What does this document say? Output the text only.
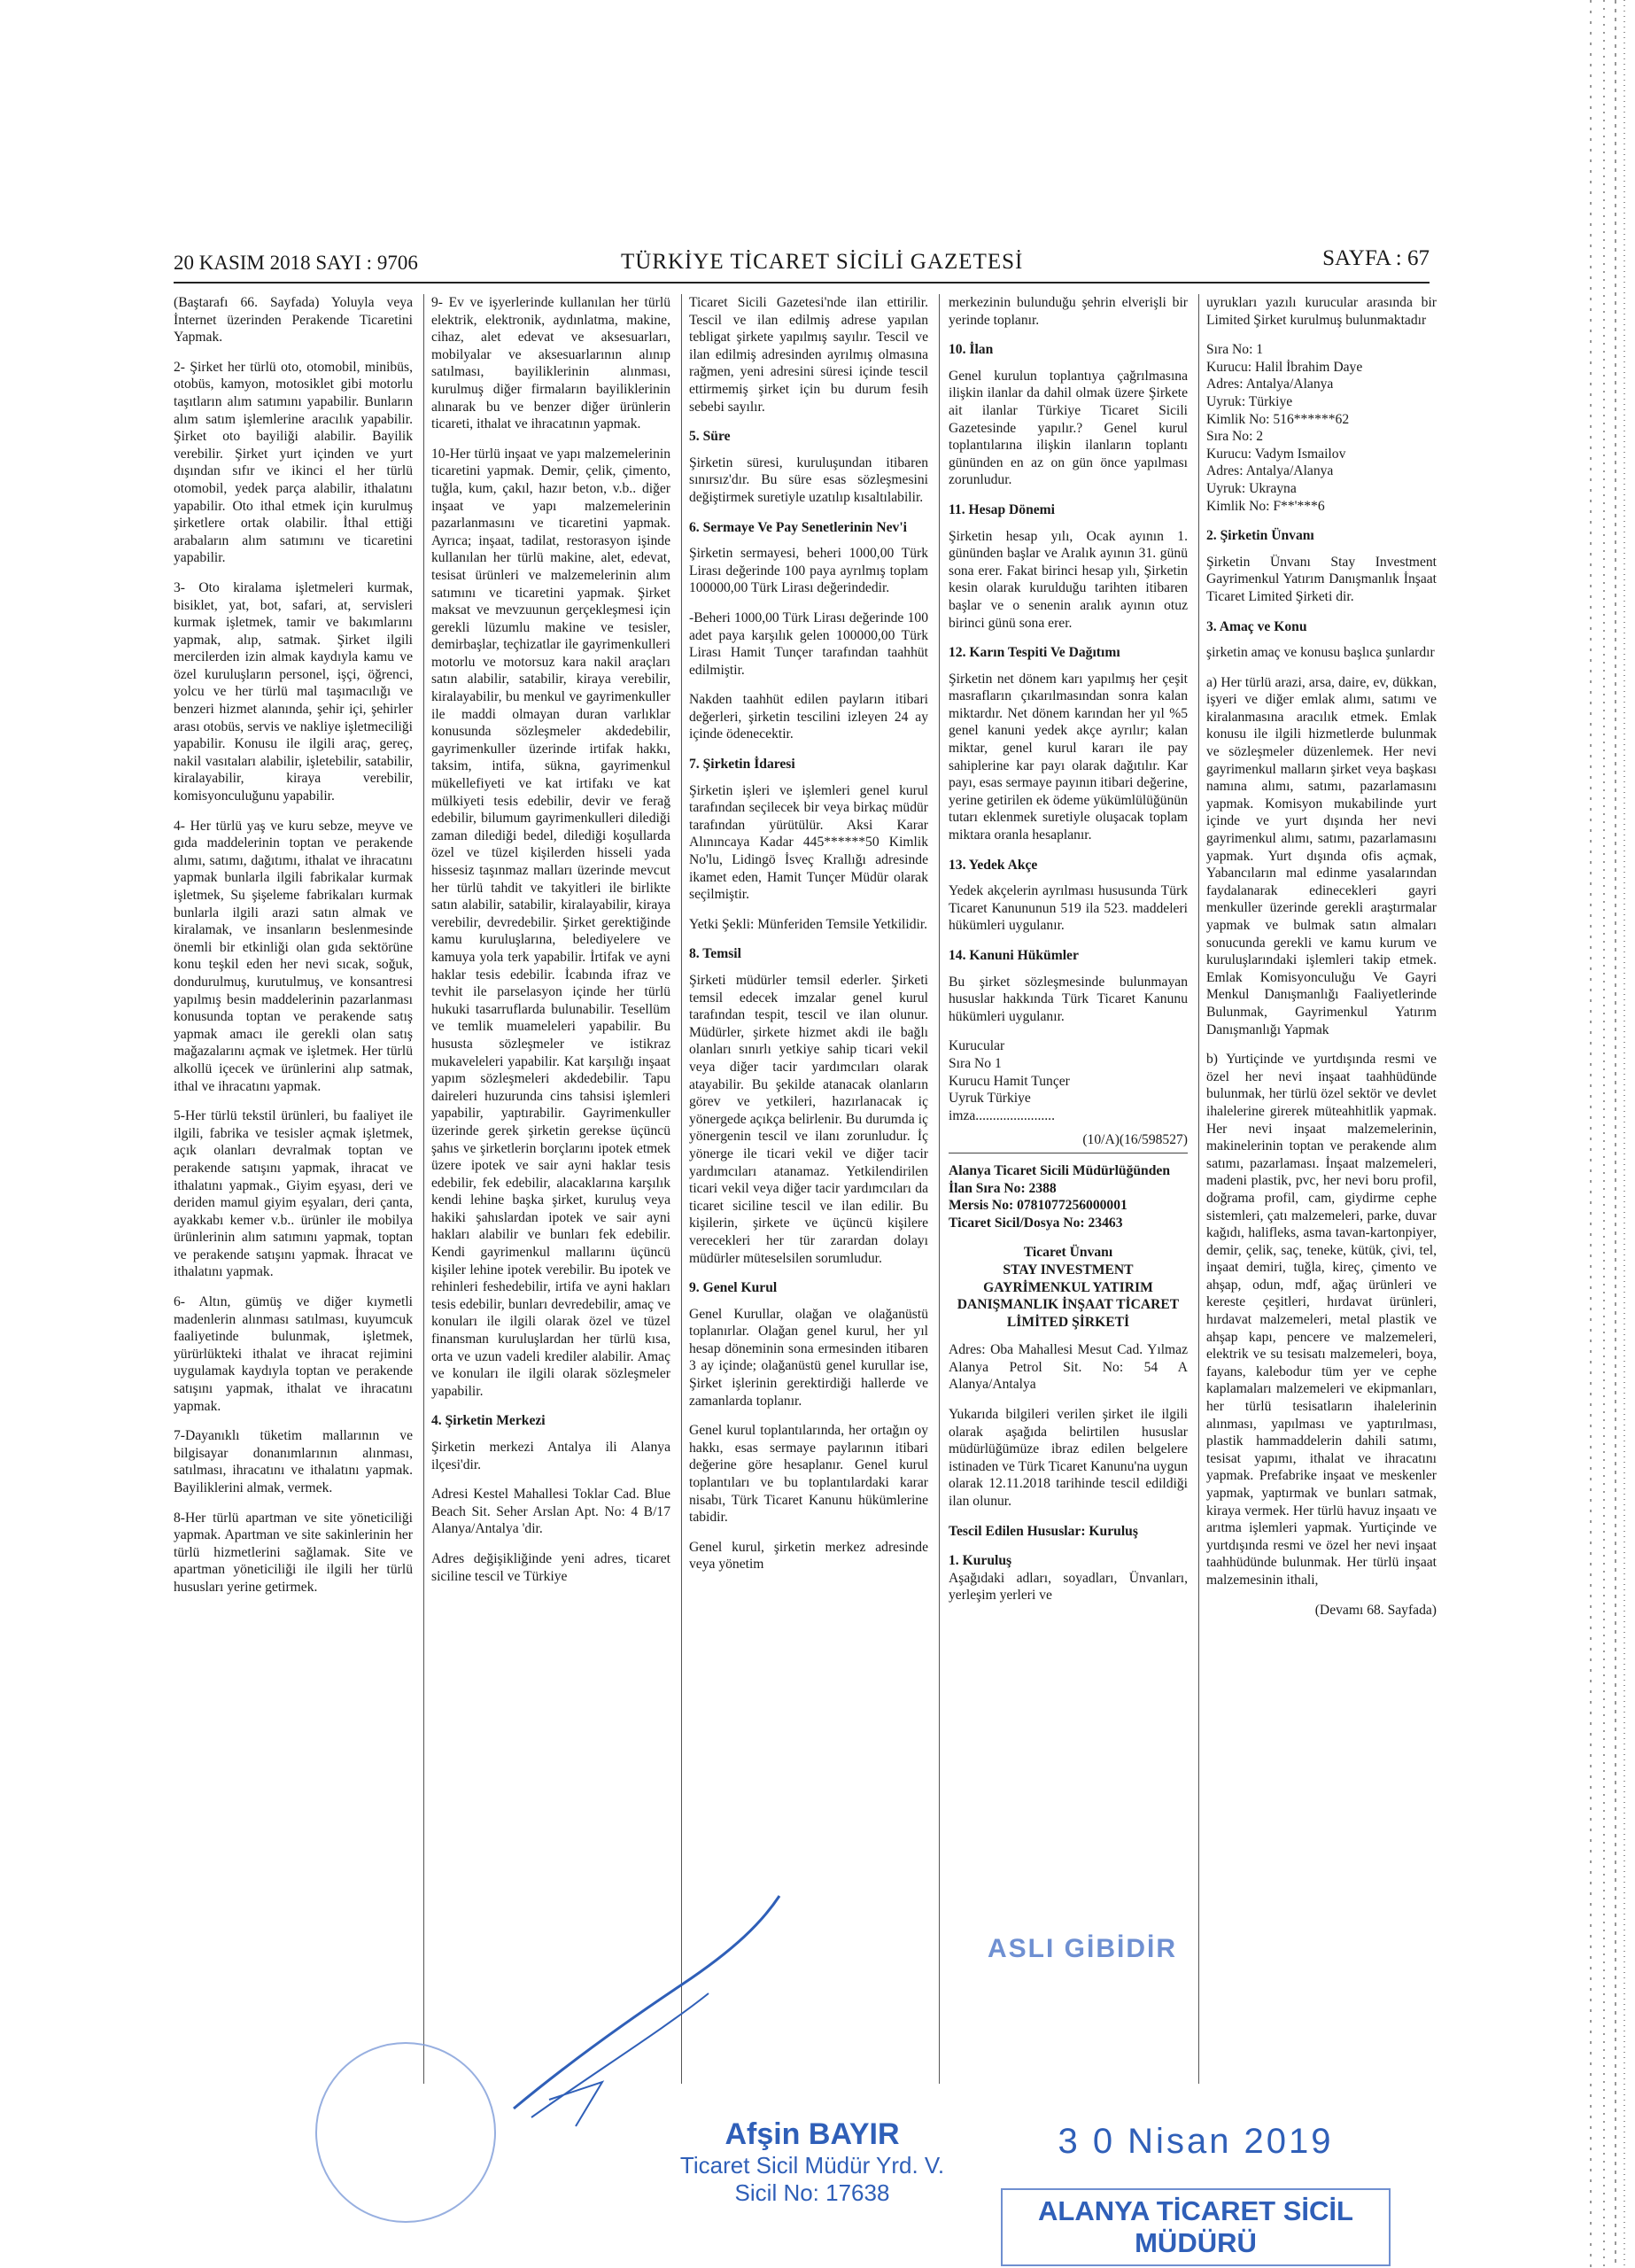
20 KASIM 2018 SAYI : 9706	TÜRKİYE TİCARET SİCİLİ GAZETESİ	SAYFA : 67

(Baştarafı 66. Sayfada) Yoluyla veya İnternet üzerinden Perakende Ticaretini Yapmak.

2- Şirket her türlü oto, otomobil, minibüs, otobüs, kamyon, motosiklet gibi motorlu taşıtların alım satımını yapabilir. Bunların alım satım işlemlerine aracılık yapabilir. Şirket oto bayiliği alabilir. Bayilik verebilir. Şirket yurt içinden ve yurt dışından sıfır ve ikinci el her türlü otomobil, yedek parça alabilir, ithalatını yapabilir. Oto ithal etmek için kurulmuş şirketlere ortak olabilir. İthal ettiği arabaların alım satımını ve ticaretini yapabilir.

3- Oto kiralama işletmeleri kurmak, bisiklet, yat, bot, safari, at, servisleri kurmak işletmek, tamir ve bakımlarını yapmak, alıp, satmak. Şirket ilgili mercilerden izin almak kaydıyla kamu ve özel kuruluşların personel, işçi, öğrenci, yolcu ve her türlü mal taşımacılığı ve benzeri hizmet alanında, şehir içi, şehirler arası otobüs, servis ve nakliye işletmeciliği yapabilir. Konusu ile ilgili araç, gereç, nakil vasıtaları alabilir, işletebilir, satabilir, kiralayabilir, kiraya verebilir, komisyonculuğunu yapabilir.

4- Her türlü yaş ve kuru sebze, meyve ve gıda maddelerinin toptan ve perakende alımı, satımı, dağıtımı, ithalat ve ihracatını yapmak bunlarla ilgili fabrikalar kurmak işletmek, Su şişeleme fabrikaları kurmak bunlarla ilgili arazi satın almak ve kiralamak, ve insanların beslenmesinde önemli bir etkinliği olan gıda sektörüne konu teşkil eden her nevi sıcak, soğuk, dondurulmuş, kurutulmuş, ve konsantresi yapılmış besin maddelerinin pazarlanması konusunda toptan ve perakende satış yapmak amacı ile gerekli olan satış mağazalarını açmak ve işletmek. Her türlü alkollü içecek ve ürünlerini alıp satmak, ithal ve ihracatını yapmak.

5-Her türlü tekstil ürünleri, bu faaliyet ile ilgili, fabrika ve tesisler açmak işletmek, açık olanları devralmak toptan ve perakende satışını yapmak, ihracat ve ithalatını yapmak., Giyim eşyası, deri ve deriden mamul giyim eşyaları, deri çanta, ayakkabı kemer v.b.. ürünler ile mobilya ürünlerinin alım satımını yapmak, toptan ve perakende satışını yapmak. İhracat ve ithalatını yapmak.

6- Altın, gümüş ve diğer kıymetli madenlerin alınması satılması, kuyumcuk faaliyetinde bulunmak, işletmek, yürürlükteki ithalat ve ihracat rejimini uygulamak kaydıyla toptan ve perakende satışını yapmak, ithalat ve ihracatını yapmak.

7-Dayanıklı tüketim mallarının ve bilgisayar donanımlarının alınması, satılması, ihracatını ve ithalatını yapmak. Bayiliklerini almak, vermek.

8-Her türlü apartman ve site yöneticiliği yapmak. Apartman ve site sakinlerinin her türlü hizmetlerini sağlamak. Site ve apartman yöneticiliği ile ilgili her türlü hususları yerine getirmek.

9- Ev ve işyerlerinde kullanılan her türlü elektrik, elektronik, aydınlatma, makine, cihaz, alet edevat ve aksesuarları, mobilyalar ve aksesuarlarının alınıp satılması, bayiliklerinin alınması, kurulmuş diğer firmaların bayiliklerinin alınarak bu ve benzer diğer ürünlerin ticareti, ithalat ve ihracatının yapmak.

10-Her türlü inşaat ve yapı malzemelerinin ticaretini yapmak. Demir, çelik, çimento, tuğla, kum, çakıl, hazır beton, v.b.. diğer inşaat ve yapı malzemelerinin pazarlanmasını ve ticaretini yapmak. Ayrıca; inşaat, tadilat, restorasyon işinde kullanılan her türlü makine, alet, edevat, tesisat ürünleri ve malzemelerinin alım satımını ve ticaretini yapmak. Şirket maksat ve mevzuunun gerçekleşmesi için gerekli lüzumlu makine ve tesisler, demirbaşlar, teçhizatlar ile gayrimenkulleri motorlu ve motorsuz kara nakil araçları satın alabilir, satabilir, kiraya verebilir, kiralayabilir, bu menkul ve gayrimenkuller ile maddi olmayan duran varlıklar konusunda sözleşmeler akdedebilir, gayrimenkuller üzerinde irtifak hakkı, taksim, intifa, sükna, gayrimenkul mükellefiyeti ve kat irtifakı ve kat mülkiyeti tesis edebilir, devir ve ferağ edebilir, bilumum gayrimenkulleri dilediği zaman dilediği bedel, dilediği koşullarda özel ve tüzel kişilerden hisseli yada hissesiz taşınmaz malları üzerinde mevcut her türlü tahdit ve takyitleri ile birlikte satın alabilir, satabilir, kiralayabilir, kiraya verebilir, devredebilir. Şirket gerektiğinde kamu kuruluşlarına, belediyelere ve kamuya yola terk yapabilir. İrtifak ve ayni haklar tesis edebilir. İcabında ifraz ve tevhit ile parselasyon içinde her türlü hukuki tasarruflarda bulunabilir. Tesellüm ve temlik muameleleri yapabilir. Bu hususta sözleşmeler ve istikraz mukaveleleri yapabilir. Kat karşılığı inşaat yapım sözleşmeleri akdedebilir. Tapu daireleri huzurunda cins tahsisi işlemleri yapabilir, yaptırabilir. Gayrimenkuller üzerinde gerek şirketin gerekse üçüncü şahıs ve şirketlerin borçlarını ipotek etmek üzere ipotek ve sair ayni haklar tesis edebilir, fek edebilir, alacaklarına karşılık kendi lehine başka şirket, kuruluş veya hakiki şahıslardan ipotek ve sair ayni hakları alabilir ve bunları fek edebilir. Kendi gayrimenkul mallarını üçüncü kişiler lehine ipotek verebilir. Bu ipotek ve rehinleri feshedebilir, irtifa ve ayni hakları tesis edebilir, bunları devredebilir, amaç ve konuları ile ilgili olarak özel ve tüzel finansman kuruluşlardan her türlü kısa, orta ve uzun vadeli krediler alabilir. Amaç ve konuları ile ilgili olarak sözleşmeler yapabilir.

4. Şirketin Merkezi

Şirketin merkezi Antalya ili Alanya ilçesi'dir.

Adresi Kestel Mahallesi Toklar Cad. Blue Beach Sit. Seher Arslan Apt. No: 4 B/17 Alanya/Antalya 'dir.

Adres değişikliğinde yeni adres, ticaret siciline tescil ve Türkiye

Ticaret Sicili Gazetesi'nde ilan ettirilir. Tescil ve ilan edilmiş adrese yapılan tebligat şirkete yapılmış sayılır. Tescil ve ilan edilmiş adresinden ayrılmış olmasına rağmen, yeni adresini süresi içinde tescil ettirmemiş şirket için bu durum fesih sebebi sayılır.

5. Süre

Şirketin süresi, kuruluşundan itibaren sınırsız'dır. Bu süre esas sözleşmesini değiştirmek suretiyle uzatılıp kısaltılabilir.

6. Sermaye Ve Pay Senetlerinin Nev'i

Şirketin sermayesi, beheri 1000,00 Türk Lirası değerinde 100 paya ayrılmış toplam 100000,00 Türk Lirası değerindedir.

-Beheri 1000,00 Türk Lirası değerinde 100 adet paya karşılık gelen 100000,00 Türk Lirası Hamit Tunçer tarafından taahhüt edilmiştir.

Nakden taahhüt edilen payların itibari değerleri, şirketin tescilini izleyen 24 ay içinde ödenecektir.

7. Şirketin İdaresi

Şirketin işleri ve işlemleri genel kurul tarafından seçilecek bir veya birkaç müdür tarafından yürütülür. Aksi Karar Alınıncaya Kadar 445******50 Kimlik No'lu, Lidingö İsveç Krallığı adresinde ikamet eden, Hamit Tunçer Müdür olarak seçilmiştir.

Yetki Şekli: Münferiden Temsile Yetkilidir.

8. Temsil

Şirketi müdürler temsil ederler. Şirketi temsil edecek imzalar genel kurul tarafından tespit, tescil ve ilan olunur. Müdürler, şirkete hizmet akdi ile bağlı olanları sınırlı yetkiye sahip ticari vekil veya diğer tacir yardımcıları olarak atayabilir. Bu şekilde atanacak olanların görev ve yetkileri, hazırlanacak iç yönergede açıkça belirlenir. Bu durumda iç yönergenin tescil ve ilanı zorunludur. İç yönerge ile ticari vekil ve diğer tacir yardımcıları atanamaz. Yetkilendirilen ticari vekil veya diğer tacir yardımcıları da ticaret siciline tescil ve ilan edilir. Bu kişilerin, şirkete ve üçüncü kişilere verecekleri her tür zarardan dolayı müdürler müteselsilen sorumludur.

9. Genel Kurul

Genel Kurullar, olağan ve olağanüstü toplanırlar. Olağan genel kurul, her yıl hesap döneminin sona ermesinden itibaren 3 ay içinde; olağanüstü genel kurullar ise, Şirket işlerinin gerektirdiği hallerde ve zamanlarda toplanır.

Genel kurul toplantılarında, her ortağın oy hakkı, esas sermaye paylarının itibari değerine göre hesaplanır. Genel kurul toplantıları ve bu toplantılardaki karar nisabı, Türk Ticaret Kanunu hükümlerine tabidir.

Genel kurul, şirketin merkez adresinde veya yönetim

merkezinin bulunduğu şehrin elverişli bir yerinde toplanır.

10. İlan

Genel kurulun toplantıya çağrılmasına ilişkin ilanlar da dahil olmak üzere Şirkete ait ilanlar Türkiye Ticaret Sicili Gazetesinde yapılır.? Genel kurul toplantılarına ilişkin ilanların toplantı gününden en az on gün önce yapılması zorunludur.

11. Hesap Dönemi

Şirketin hesap yılı, Ocak ayının 1. gününden başlar ve Aralık ayının 31. günü sona erer. Fakat birinci hesap yılı, Şirketin kesin olarak kurulduğu tarihten itibaren başlar ve o senenin aralık ayının otuz birinci günü sona erer.

12. Karın Tespiti Ve Dağıtımı

Şirketin net dönem karı yapılmış her çeşit masrafların çıkarılmasından sonra kalan miktardır. Net dönem karından her yıl %5 genel kanuni yedek akçe ayrılır; kalan miktar, genel kurul kararı ile pay sahiplerine kar payı olarak dağıtılır. Kar payı, esas sermaye payının itibari değerine, yerine getirilen ek ödeme yükümlülüğünün tutarı eklenmek suretiyle oluşacak toplam miktara oranla hesaplanır.

13. Yedek Akçe

Yedek akçelerin ayrılması hususunda Türk Ticaret Kanununun 519 ila 523. maddeleri hükümleri uygulanır.

14. Kanuni Hükümler

Bu şirket sözleşmesinde bulunmayan hususlar hakkında Türk Ticaret Kanunu hükümleri uygulanır.

Kurucular
Sıra No 1
Kurucu Hamit Tunçer
Uyruk Türkiye
imza.......................
(10/A)(16/598527)
Alanya Ticaret Sicili Müdürlüğünden
İlan Sıra No: 2388
Mersis No: 0781077256000001
Ticaret Sicil/Dosya No: 23463
Ticaret Ünvanı
STAY INVESTMENT GAYRİMENKUL YATIRIM DANIŞMANLIK İNŞAAT TİCARET LİMİTED ŞİRKETİ

Adres: Oba Mahallesi Mesut Cad. Yılmaz Alanya Petrol Sit. No: 54 A Alanya/Antalya

Yukarıda bilgileri verilen şirket ile ilgili olarak aşağıda belirtilen hususlar müdürlüğümüze ibraz edilen belgelere istinaden ve Türk Ticaret Kanunu'na uygun olarak 12.11.2018 tarihinde tescil edildiği ilan olunur.

Tescil Edilen Hususlar: Kuruluş

1. Kuruluş
Aşağıdaki adları, soyadları, Ünvanları, yerleşim yerleri ve

uyrukları yazılı kurucular arasında bir Limited Şirket kurulmuş bulunmaktadır

Sıra No: 1
Kurucu: Halil İbrahim Daye
Adres: Antalya/Alanya
Uyruk: Türkiye
Kimlik No: 516******62
Sıra No: 2
Kurucu: Vadym Ismailov
Adres: Antalya/Alanya
Uyruk: Ukrayna
Kimlik No: F**'***6
2. Şirketin Ünvanı

Şirketin Ünvanı Stay Investment Gayrimenkul Yatırım Danışmanlık İnşaat Ticaret Limited Şirketi dir.

3. Amaç ve Konu

şirketin amaç ve konusu başlıca şunlardır

a) Her türlü arazi, arsa, daire, ev, dükkan, işyeri ve diğer emlak alımı, satımı ve kiralanmasına aracılık etmek. Emlak konusu ile ilgili hizmetlerde bulunmak ve sözleşmeler düzenlemek. Her nevi gayrimenkul malların şirket veya başkası namına alımı, satımı, pazarlamasını yapmak. Komisyon mukabilinde yurt içinde ve yurt dışında her nevi gayrimenkul alımı, satımı, pazarlamasını yapmak. Yurt dışında ofis açmak, Yabancıların mal edinme yasalarından faydalanarak edinecekleri gayri menkuller üzerinde gerekli araştırmalar yapmak ve bulmak satın almaları sonucunda gerekli ve kamu kurum ve kuruluşlarındaki işlemleri takip etmek. Emlak Komisyonculuğu Ve Gayri Menkul Danışmanlığı Faaliyetlerinde Bulunmak, Gayrimenkul Yatırım Danışmanlığı Yapmak

b) Yurtiçinde ve yurtdışında resmi ve özel her nevi inşaat taahhüdünde bulunmak, her türlü özel sektör ve devlet ihalelerine girerek müteahhitlik yapmak. Her nevi inşaat malzemelerinin, makinelerinin toptan ve perakende alım satımı, pazarlaması. İnşaat malzemeleri, madeni plastik, pvc, her nevi boru profil, doğrama profil, cam, giydirme cephe sistemleri, çatı malzemeleri, parke, duvar kağıdı, halifleks, asma tavan-kartonpiyer, demir, çelik, saç, teneke, kütük, çivi, tel, inşaat demiri, tuğla, kireç, çimento ve ahşap, odun, mdf, ağaç ürünleri ve kereste çeşitleri, hırdavat ürünleri, hırdavat malzemeleri, metal plastik ve ahşap kapı, pencere ve malzemeleri, elektrik ve su tesisatı malzemeleri, boya, fayans, kalebodur tüm yer ve cephe kaplamaları malzemeleri ve ekipmanları, her türlü tesisatların ihalelerinin alınması, yapılması ve yaptırılması, plastik hammaddelerin dahili satımı, tesisat yapımı, ithalat ve ihracatını yapmak. Prefabrike inşaat ve meskenler yapmak, yaptırmak ve bunları satmak, kiraya vermek. Her türlü havuz inşaatı ve arıtma işlemleri yapmak. Yurtiçinde ve yurtdışında resmi ve özel her nevi inşaat taahhüdünde bulunmak. Her türlü inşaat malzemesinin ithali,

(Devamı 68. Sayfada)
Afşin BAYIR
Ticaret Sicil Müdür Yrd. V.
Sicil No: 17638
3 0 Nisan 2019
ALANYA TİCARET SİCİL MÜDÜRÜ
ASLI GİBİDİR
